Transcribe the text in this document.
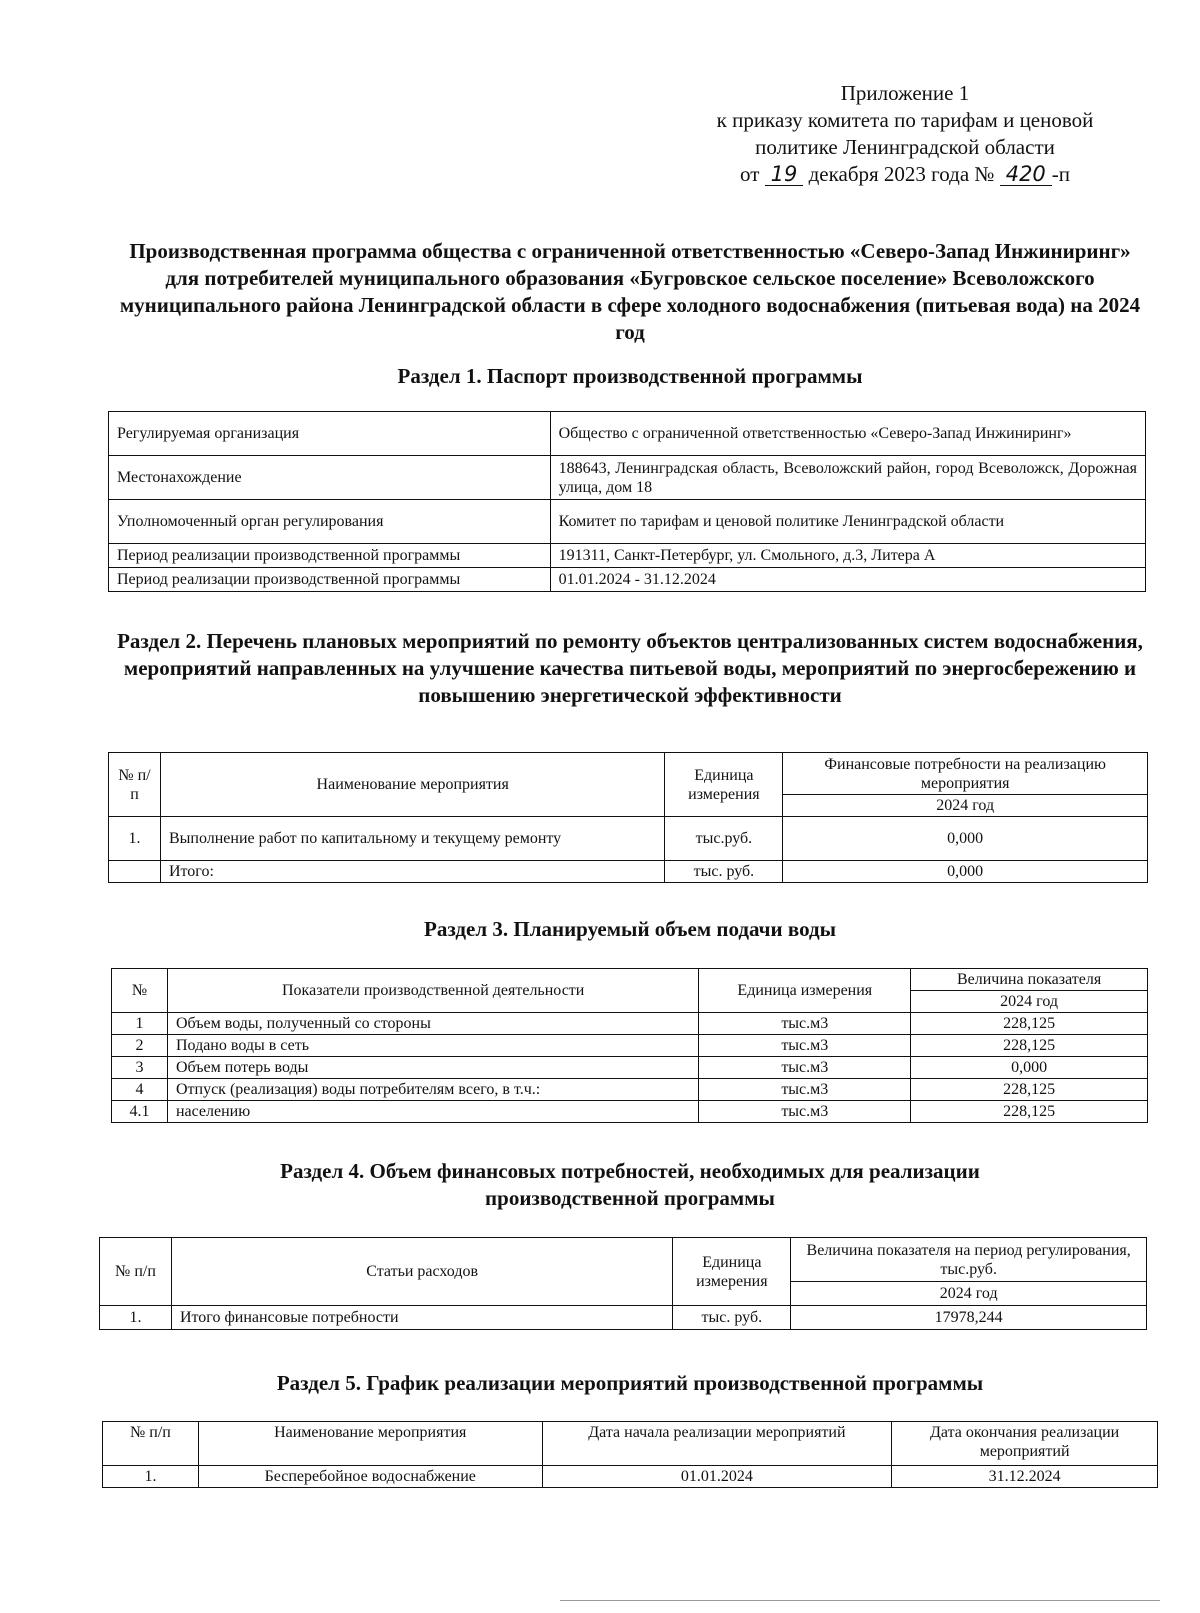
Приложение 1
к приказу комитета по тарифам и ценовой
политике Ленинградской области
от 19 декабря 2023 года № 420 -п
Производственная программа общества с ограниченной ответственностью «Северо-Запад Инжиниринг» для потребителей муниципального образования «Бугровское сельское поселение» Всеволожского муниципального района Ленинградской области в сфере холодного водоснабжения (питьевая вода) на 2024 год
Раздел 1. Паспорт производственной программы
Регулируемая организация	Общество с ограниченной ответственностью «Северо-Запад Инжиниринг»
Местонахождение	188643, Ленинградская область, Всеволожский район, город Всеволожск, Дорожная улица, дом 18
Уполномоченный орган регулирования	Комитет по тарифам и ценовой политике Ленинградской области
Период реализации производственной программы	191311, Санкт-Петербург, ул. Смольного, д.3, Литера А
Период реализации производственной программы	01.01.2024 - 31.12.2024
Раздел 2. Перечень плановых мероприятий по ремонту объектов централизованных систем водоснабжения, мероприятий направленных на улучшение качества питьевой воды, мероприятий по энергосбережению и повышению энергетической эффективности
№ п/п	Наименование мероприятия	Единица измерения	Финансовые потребности на реализацию мероприятия
			2024 год
1.	Выполнение работ по капитальному и текущему ремонту	тыс.руб.	0,000
	Итого:	тыс. руб.	0,000
Раздел 3. Планируемый объем подачи воды
№	Показатели производственной деятельности	Единица измерения	Величина показателя
			2024 год
1	Объем воды, полученный со стороны	тыс.м3	228,125
2	Подано воды в сеть	тыс.м3	228,125
3	Объем потерь воды	тыс.м3	0,000
4	Отпуск (реализация) воды потребителям всего, в т.ч.:	тыс.м3	228,125
4.1	населению	тыс.м3	228,125
Раздел 4. Объем финансовых потребностей, необходимых для реализации производственной программы
№ п/п	Статьи расходов	Единица измерения	Величина показателя на период регулирования, тыс.руб.
			2024 год
1.	Итого финансовые потребности	тыс. руб.	17978,244
Раздел 5. График реализации мероприятий производственной программы
№ п/п	Наименование мероприятия	Дата начала реализации мероприятий	Дата окончания реализации мероприятий
1.	Бесперебойное водоснабжение	01.01.2024	31.12.2024
